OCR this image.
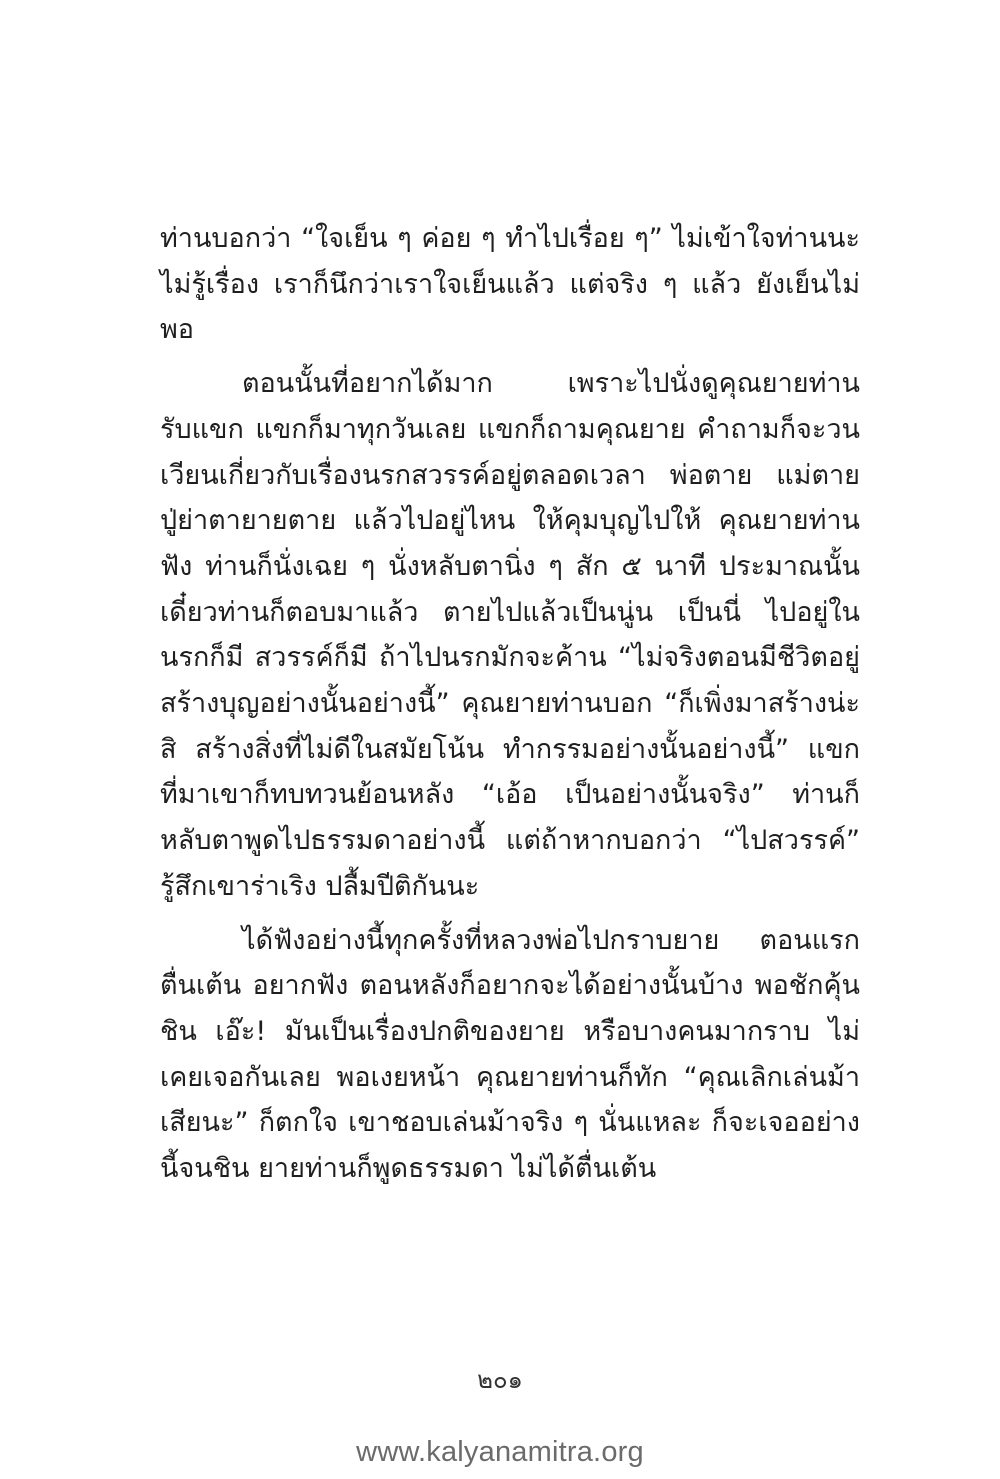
ท่านบอกว่า “ใจเย็น ๆ ค่อย ๆ ทำไปเรื่อย ๆ” ไม่เข้าใจท่านนะ ไม่รู้เรื่อง เราก็นึกว่าเราใจเย็นแล้ว แต่จริง ๆ แล้ว ยังเย็นไม่พอ

ตอนนั้นที่อยากได้มาก เพราะไปนั่งดูคุณยายท่านรับแขก แขกก็มาทุกวันเลย แขกก็ถามคุณยาย คำถามก็จะวนเวียนเกี่ยวกับเรื่องนรกสวรรค์อยู่ตลอดเวลา พ่อตาย แม่ตาย ปู่ย่าตายายตาย แล้วไปอยู่ไหน ให้คุมบุญไปให้ คุณยายท่านฟัง ท่านก็นั่งเฉย ๆ นั่งหลับตานิ่ง ๆ สัก ๕ นาที ประมาณนั้น เดี๋ยวท่านก็ตอบมาแล้ว ตายไปแล้วเป็นนู่น เป็นนี่ ไปอยู่ในนรกก็มี สวรรค์ก็มี ถ้าไปนรกมักจะค้าน “ไม่จริงตอนมีชีวิตอยู่สร้างบุญอย่างนั้นอย่างนี้” คุณยายท่านบอก “ก็เพิ่งมาสร้างน่ะสิ สร้างสิ่งที่ไม่ดีในสมัยโน้น ทำกรรมอย่างนั้นอย่างนี้” แขกที่มาเขาก็ทบทวนย้อนหลัง “เอ้อ เป็นอย่างนั้นจริง” ท่านก็หลับตาพูดไปธรรมดาอย่างนี้ แต่ถ้าหากบอกว่า “ไปสวรรค์” รู้สึกเขาร่าเริง ปลื้มปีติกันนะ

ได้ฟังอย่างนี้ทุกครั้งที่หลวงพ่อไปกราบยาย ตอนแรกตื่นเต้น อยากฟัง ตอนหลังก็อยากจะได้อย่างนั้นบ้าง พอชักคุ้นชิน เอ๊ะ! มันเป็นเรื่องปกติของยาย หรือบางคนมากราบ ไม่เคยเจอกันเลย พอเงยหน้า คุณยายท่านก็ทัก “คุณเลิกเล่นม้าเสียนะ” ก็ตกใจ เขาชอบเล่นม้าจริง ๆ นั่นแหละ ก็จะเจออย่างนี้จนชิน ยายท่านก็พูดธรรมดา ไม่ได้ตื่นเต้น

๒๐๑
www.kalyanamitra.org
